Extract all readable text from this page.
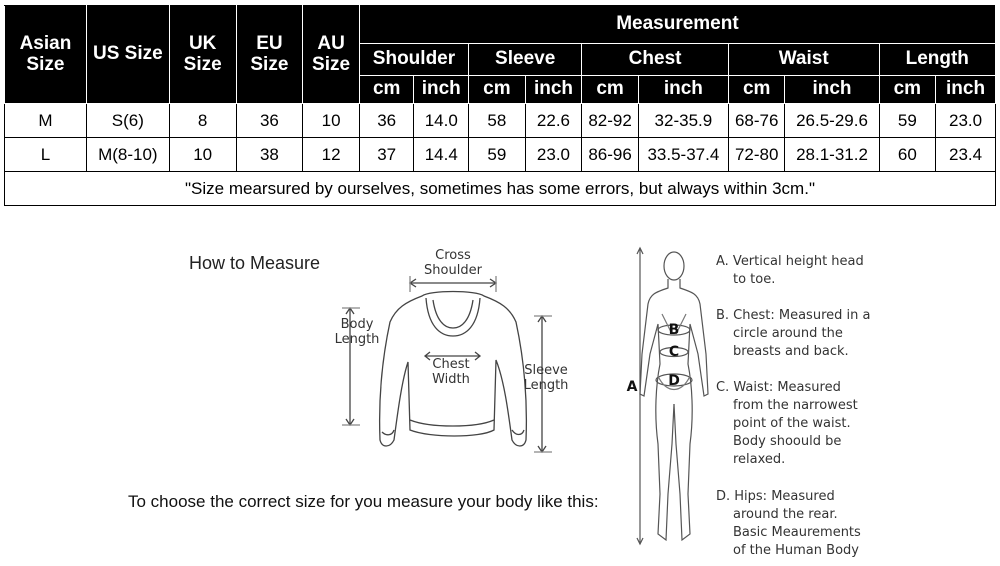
Asian Size	US Size	UK Size	EU Size	AU Size	Measurement									
					Shoulder		Sleeve		Chest		Waist		Length	
					cm	inch	cm	inch	cm	inch	cm	inch	cm	inch
M	S(6)	8	36	10	36	14.0	58	22.6	82-92	32-35.9	68-76	26.5-29.6	59	23.0
L	M(8-10)	10	38	12	37	14.4	59	23.0	86-96	33.5-37.4	72-80	28.1-31.2	60	23.4
"Size mearsured by ourselves, sometimes has some errors, but always within 3cm."														
How to Measure	Cross Shoulder
Body Length
Chest Width
Sleeve Length
To choose the correct size for you measure your body like this:
A
B
C
D
A. Vertical height head
to toe.
B. Chest: Measured in a
circle around the
breasts and back.
C. Waist: Measured
from the narrowest
point of the waist.
Body shoould be
relaxed.
D. Hips: Measured
around the rear.
Basic Meaurements
of the Human Body
